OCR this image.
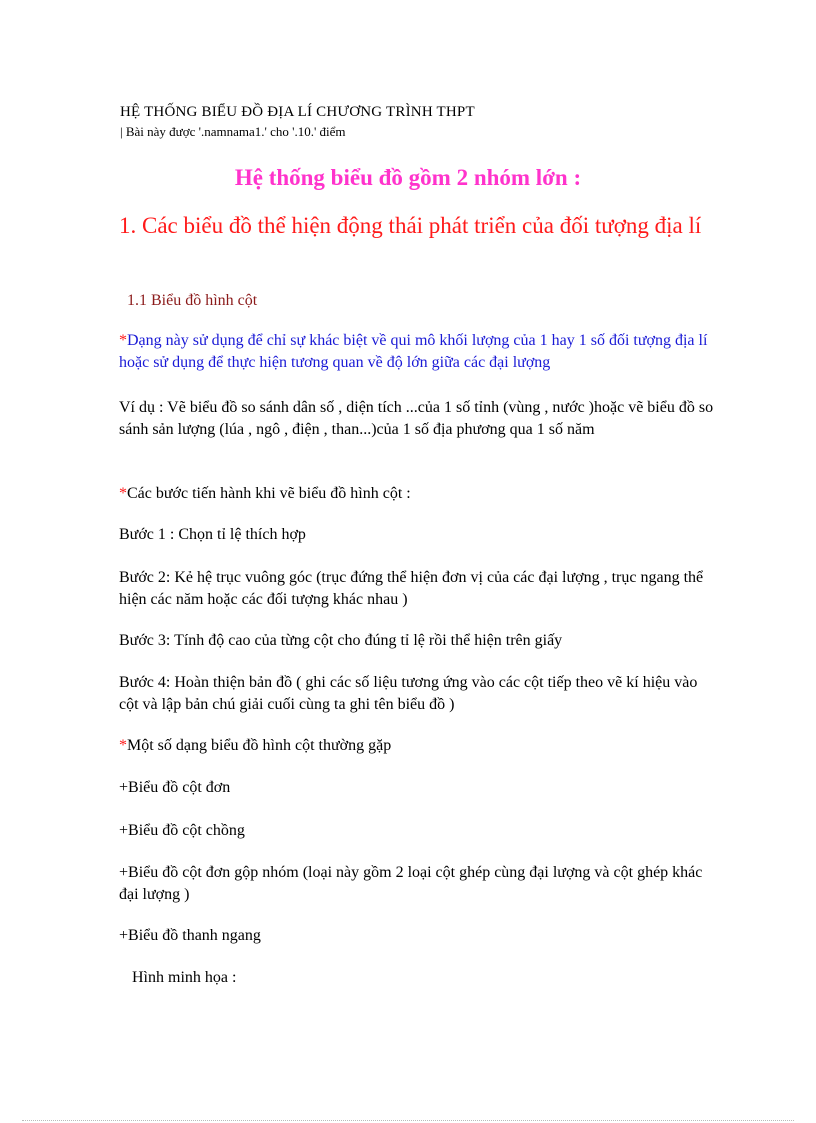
HỆ THỐNG BIỂU ĐỒ ĐỊA LÍ CHƯƠNG TRÌNH THPT
| Bài này được '.namnama1.' cho '.10.' điểm
Hệ thống biểu đồ gồm 2 nhóm lớn :
1. Các biểu đồ thể hiện động thái phát triển của đối tượng địa lí
1.1 Biểu đồ hình cột
*Dạng này sử dụng để chỉ sự khác biệt về qui mô khối lượng của 1 hay 1 số đối tượng địa lí hoặc sử dụng để thực hiện tương quan về độ lớn giữa các đại lượng
Ví dụ : Vẽ biểu đồ so sánh dân số , diện tích ...của 1 số tỉnh (vùng , nước )hoặc vẽ biểu đồ so sánh sản lượng (lúa , ngô , điện , than...)của 1 số địa phương qua 1 số năm
*Các bước tiến hành khi vẽ biểu đồ hình cột :
Bước 1 : Chọn tỉ lệ thích hợp
Bước 2: Kẻ hệ trục vuông góc (trục đứng thể hiện đơn vị của các đại lượng , trục ngang thể hiện các năm hoặc các đối tượng khác nhau )
Bước 3: Tính độ cao của từng cột cho đúng tỉ lệ rồi thể hiện trên giấy
Bước 4: Hoàn thiện bản đồ ( ghi các số liệu tương ứng vào các cột tiếp theo vẽ kí hiệu vào cột và lập bản chú giải cuối cùng ta ghi tên biểu đồ )
*Một số dạng biểu đồ hình cột thường gặp
+Biểu đồ cột đơn
+Biểu đồ cột chồng
+Biểu đồ cột đơn gộp nhóm (loại này gồm 2 loại cột ghép cùng đại lượng và cột ghép khác đại lượng )
+Biểu đồ thanh ngang
Hình minh họa :
